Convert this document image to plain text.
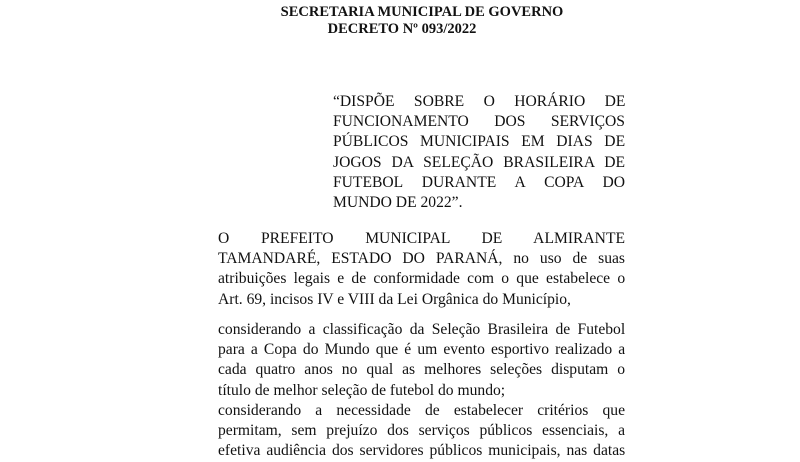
SECRETARIA MUNICIPAL DE GOVERNO
DECRETO Nº 093/2022
“DISPÕE SOBRE O HORÁRIO DE
FUNCIONAMENTO DOS SERVIÇOS
PÚBLICOS MUNICIPAIS EM DIAS DE
JOGOS DA SELEÇÃO BRASILEIRA DE
FUTEBOL DURANTE A COPA DO
MUNDO DE 2022”.
O PREFEITO MUNICIPAL DE ALMIRANTE
TAMANDARÉ, ESTADO DO PARANÁ, no uso de suas
atribuições legais e de conformidade com o que estabelece o
Art. 69, incisos IV e VIII da Lei Orgânica do Município,
considerando a classificação da Seleção Brasileira de Futebol
para a Copa do Mundo que é um evento esportivo realizado a
cada quatro anos no qual as melhores seleções disputam o
título de melhor seleção de futebol do mundo;
considerando a necessidade de estabelecer critérios que
permitam, sem prejuízo dos serviços públicos essenciais, a
efetiva audiência dos servidores públicos municipais, nas datas
